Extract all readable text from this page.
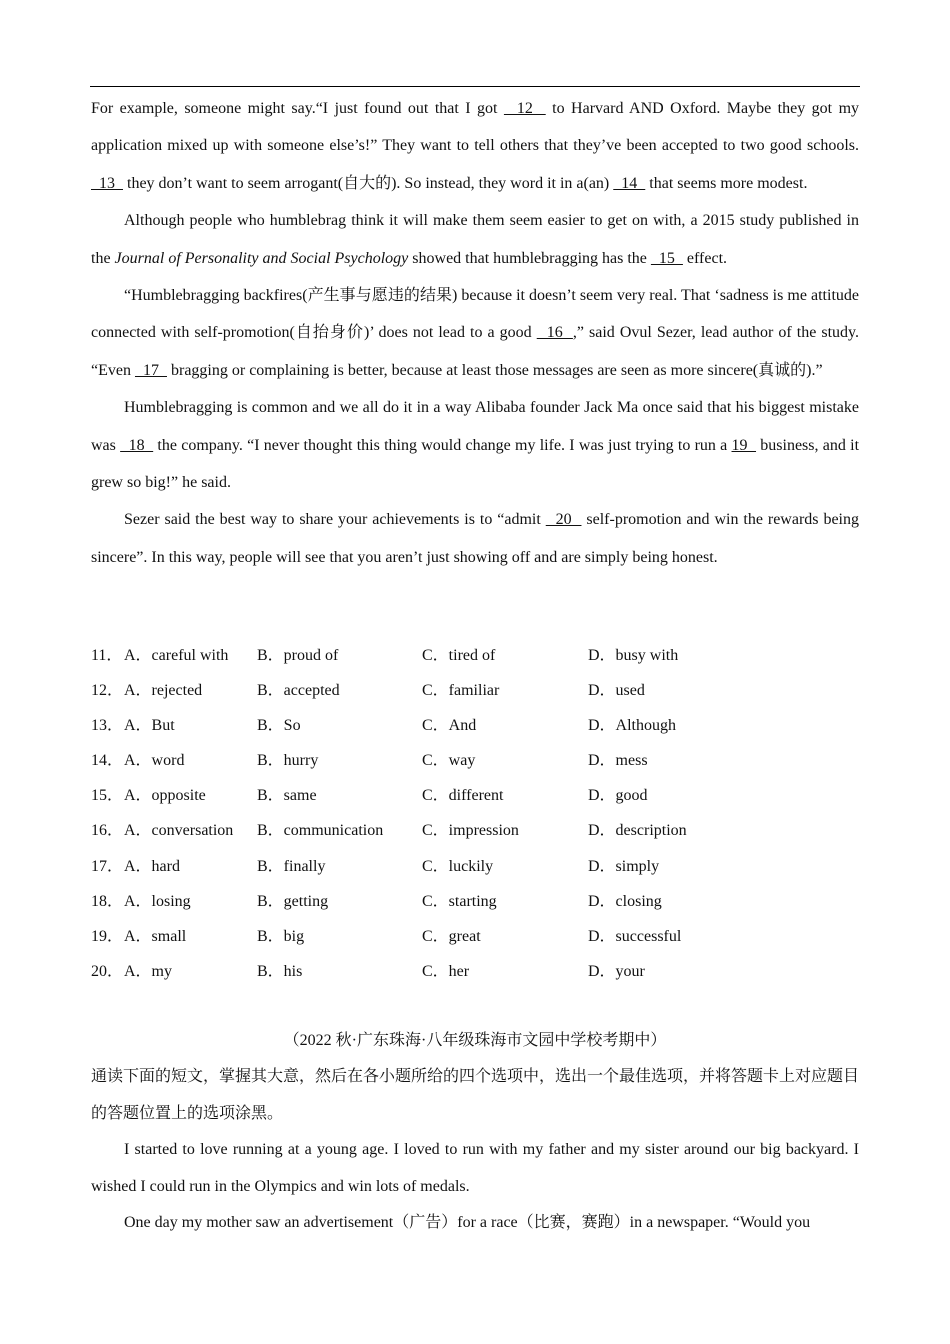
For example, someone might say.“I just found out that I got   12   to Harvard AND Oxford. Maybe they got my application mixed up with someone else’s!” They want to tell others that they’ve been accepted to two good schools.   13   they don’t want to seem arrogant(自大的). So instead, they word it in a(an)   14   that seems more modest.

Although people who humblebrag think it will make them seem easier to get on with, a 2015 study published in the Journal of Personality and Social Psychology showed that humblebragging has the   15   effect.

“Humblebragging backfires(产生事与愿违的结果) because it doesn’t seem very real. That ‘sadness is me attitude connected with self-promotion(自抬身价)’ does not lead to a good   16  ,” said Ovul Sezer, lead author of the study. “Even   17   bragging or complaining is better, because at least those messages are seen as more sincere(真诚的).”

Humblebragging is common and we all do it in a way Alibaba founder Jack Ma once said that his biggest mistake was   18   the company. “I never thought this thing would change my life. I was just trying to run a 19   business, and it grew so big!” he said.

Sezer said the best way to share your achievements is to “admit   20   self-promotion and win the rewards being sincere”. In this way, people will see that you aren’t just showing off and are simply being honest.

11． A．careful with B．proud of	C．tired of	D．busy with
12． A．rejected	B．accepted	C．familiar	D．used
13． A．But	B．So	C．And	D．Although
14． A．word	B．hurry	C．way	D．mess
15． A．opposite	B．same	C．different	D．good
16． A．conversation B．communication C．impression	D．description
17． A．hard	B．finally	C．luckily	D．simply
18． A．losing	B．getting	C．starting	D．closing
19． A．small	B．big	C．great	D．successful
20． A．my	B．his	C．her	D．your
（2022 秋·广东珠海·八年级珠海市文园中学校考期中）

通读下面的短文，掌握其大意，然后在各小题所给的四个选项中，选出一个最佳选项，并将答题卡上对应题目的答题位置上的选项涂黑。

I started to love running at a young age. I loved to run with my father and my sister around our big backyard. I wished I could run in the Olympics and win lots of medals.

One day my mother saw an advertisement（广告）for a race（比赛，赛跑）in a newspaper. “Would you
